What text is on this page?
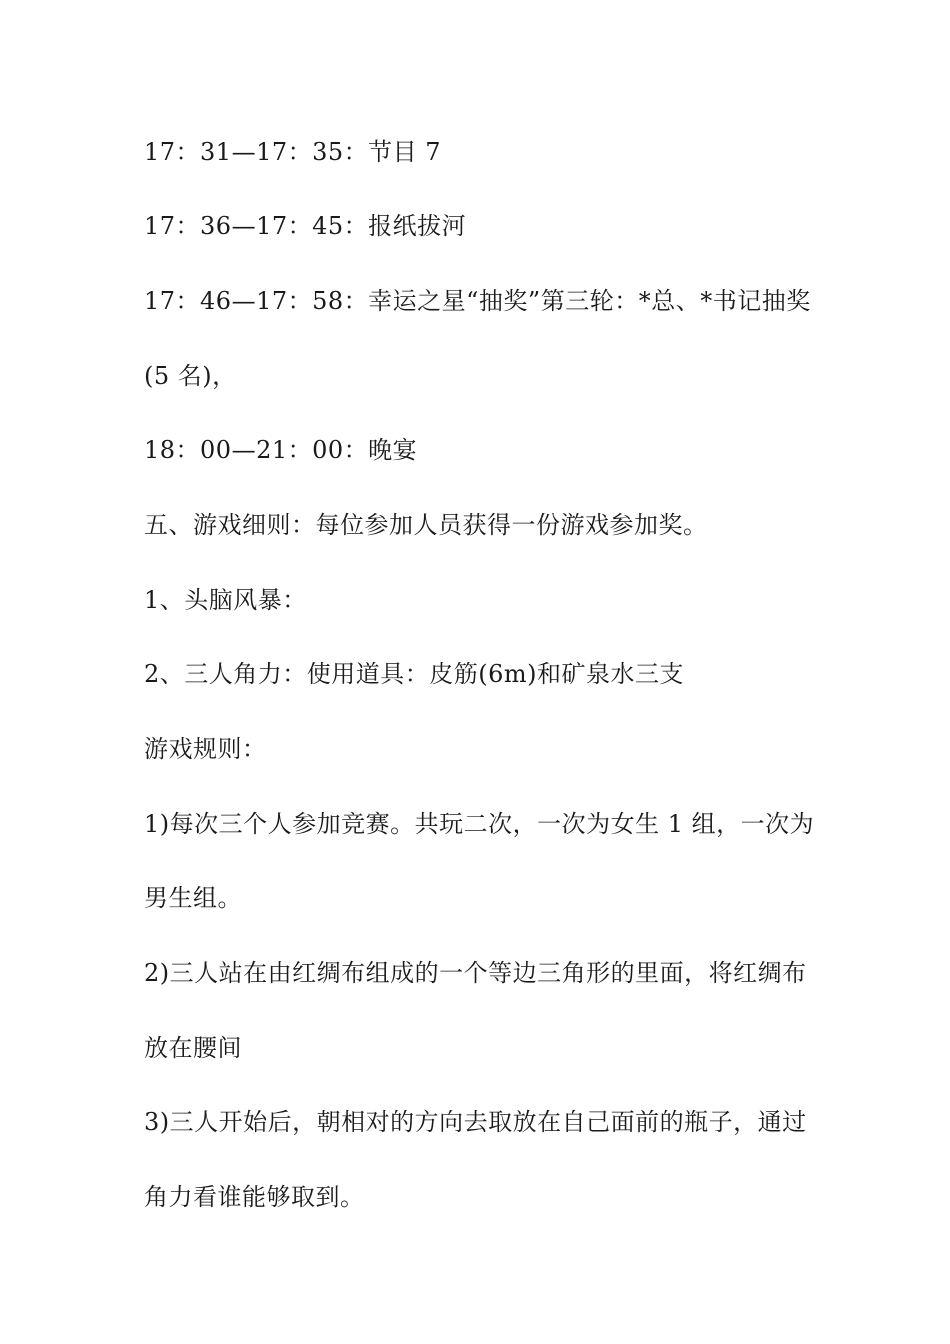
17：31—17：35：节目 7
17：36—17：45：报纸拔河
17：46—17：58：幸运之星“抽奖”第三轮：*总、*书记抽奖
(5 名)，
18：00—21：00：晚宴
五、游戏细则：每位参加人员获得一份游戏参加奖。
1、头脑风暴：
2、三人角力：使用道具：皮筋(6m)和矿泉水三支
游戏规则：
1)每次三个人参加竞赛。共玩二次，一次为女生 1 组，一次为
男生组。
2)三人站在由红绸布组成的一个等边三角形的里面，将红绸布
放在腰间
3)三人开始后，朝相对的方向去取放在自己面前的瓶子，通过
角力看谁能够取到。
